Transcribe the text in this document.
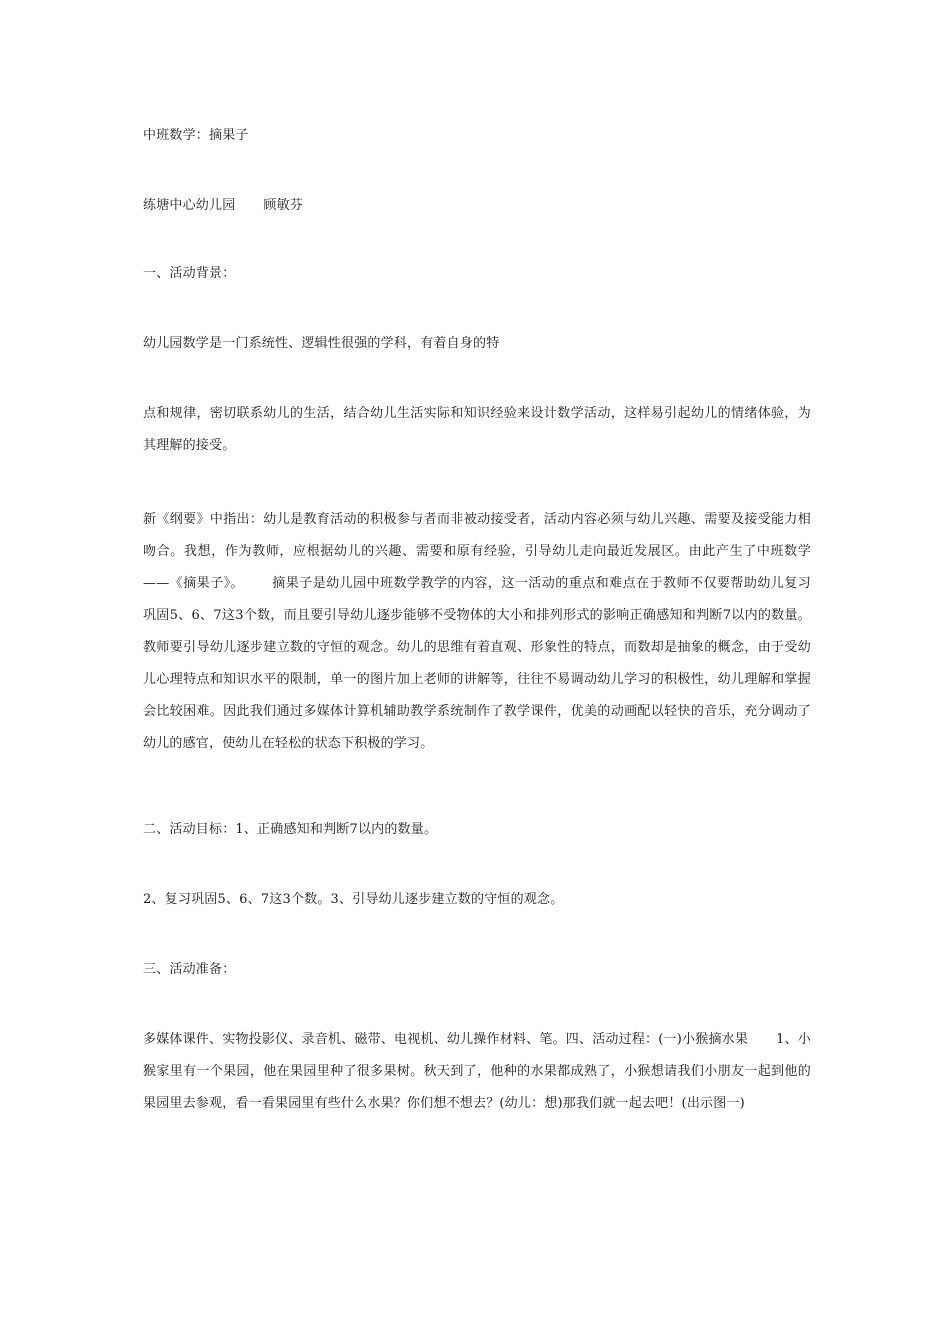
中班数学：摘果子

练塘中心幼儿园 顾敏芬

一、活动背景：

幼儿园数学是一门系统性、逻辑性很强的学科，有着自身的特

点和规律，密切联系幼儿的生活，结合幼儿生活实际和知识经验来设计数学活动，这样易引起幼儿的情绪体验，为其理解的接受。

新《纲要》中指出：幼儿是教育活动的积极参与者而非被动接受者，活动内容必须与幼儿兴趣、需要及接受能力相吻合。我想，作为教师，应根据幼儿的兴趣、需要和原有经验，引导幼儿走向最近发展区。由此产生了中班数学——《摘果子》。 摘果子是幼儿园中班数学教学的内容，这一活动的重点和难点在于教师不仅要帮助幼儿复习巩固5、6、7这3个数，而且要引导幼儿逐步能够不受物体的大小和排列形式的影响正确感知和判断7以内的数量。教师要引导幼儿逐步建立数的守恒的观念。幼儿的思维有着直观、形象性的特点，而数却是抽象的概念，由于受幼儿心理特点和知识水平的限制，单一的图片加上老师的讲解等，往往不易调动幼儿学习的积极性，幼儿理解和掌握会比较困难。因此我们通过多媒体计算机辅助教学系统制作了教学课件，优美的动画配以轻快的音乐，充分调动了幼儿的感官，使幼儿在轻松的状态下积极的学习。

二、活动目标：1、正确感知和判断7以内的数量。

2、复习巩固5、6、7这3个数。3、引导幼儿逐步建立数的守恒的观念。

三、活动准备：

多媒体课件、实物投影仪、录音机、磁带、电视机、幼儿操作材料、笔。四、活动过程：(一)小猴摘水果 1、小猴家里有一个果园，他在果园里种了很多果树。秋天到了，他种的水果都成熟了，小猴想请我们小朋友一起到他的果园里去参观，看一看果园里有些什么水果？你们想不想去？(幼儿：想)那我们就一起去吧！(出示图一)
